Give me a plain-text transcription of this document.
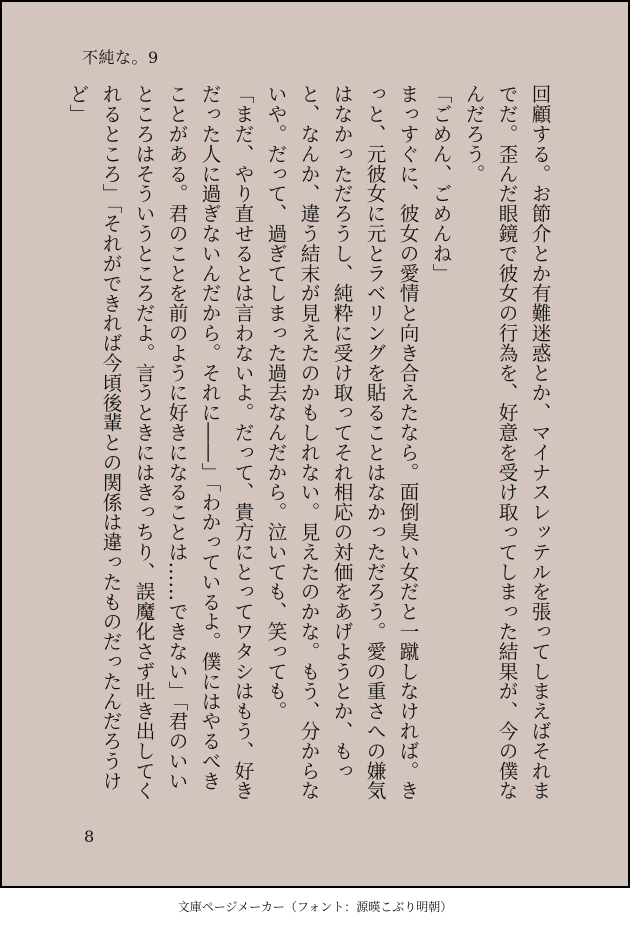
不純な。9

回顧する。お節介とか有難迷惑とか、マイナスレッテルを張ってしまえばそれまでだ。歪んだ眼鏡で彼女の行為を、好意を受け取ってしまった結果が、今の僕なんだろう。

「ごめん、ごめんね」

まっすぐに、彼女の愛情と向き合えたなら。面倒臭い女だと一蹴しなければ。きっと、元彼女に元とラベリングを貼ることはなかっただろう。愛の重さへの嫌気はなかっただろうし、純粋に受け取ってそれ相応の対価をあげようとか、もっと、なんか、違う結末が見えたのかもしれない。見えたのかな。もう、分からないや。だって、過ぎてしまった過去なんだから。泣いても、笑っても。

「まだ、やり直せるとは言わないよ。だって、貴方にとってワタシはもう、好きだった人に過ぎないんだから。それに――」「わかっているよ。僕にはやるべきことがある。君のことを前のように好きになることは……できない」「君のいいところはそういうところだよ。言うときにはきっちり、誤魔化さず吐き出してくれるところ」「それができれば今頃後輩との関係は違ったものだったんだろうけど」

8
文庫ページメーカー（フォント：源暎こぶり明朝）
